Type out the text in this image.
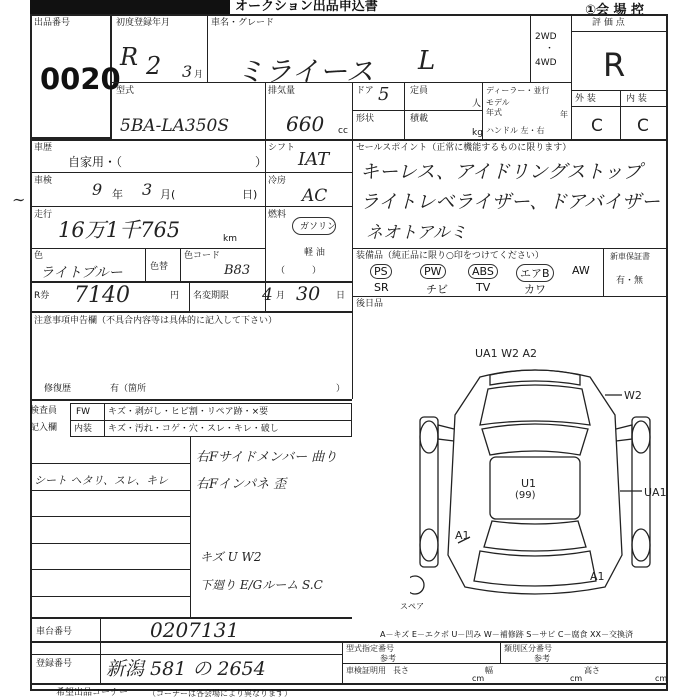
オークション出品申込書	①会 場 控
出品番号
0020
初度登録年月
R 2 3 月
車名・グレード
ミライース L
2WD
・
4WD
評 価 点
R
外 装	内 装
C C
型式
5BA-LA350S
排気量
660 cc
ドア 5 定員
人
形状	積載
kg
ディーラー・並行
モデル
年式	年
ハンドル 左・右
車歴
自家用・（	）
シフト
IAT
車検 9 年 3 月(	日)
冷房
AC
走行
16万1千765	km
燃料
ガソリン
軽 油
（　　　）
色
ライトブルー	色替
色コード
B83
R券 7140	円 名変期限 4 月 30 日
セールスポイント（正常に機能するものに限ります）
キーレス、アイドリングストップ
ライトレベライザー、ドアバイザー
ネオトアルミ
装備品（純正品に限り○印をつけてください）	新車保証書
有・無
PS	PW	ABS	エアB	AW
SR	チビ	TV	カワ
後日品
注意事項申告欄（不具合内容等は具体的に記入して下さい）
修復歴	有（箇所	）
検査員
記入欄
FW キズ・剥がし・ヒビ割・リペア跡・×要
内装 キズ・汚れ・コゲ・穴・スレ・キレ・破し
シート ヘタリ、スレ、キレ
右Fサイドメンバー 曲り
右Fインパネ 歪
キズ U W2
下廻り E/Gルーム S.C
UA1 W2 A2
W2
UA1
U1
(99)
A1
A1
スペア
A－キズ E－エクボ U－凹み W－補修跡 S－サビ C－腐食 XX－交換済
車台番号	0207131
登録番号 新潟 581 の 2654
型式指定番号	類別区分番号
参考	参考
車検証明用 長さ
cm
幅
cm
高さ
cm
希望出品コーナー （コーナーは各会場により異なります）
∼
